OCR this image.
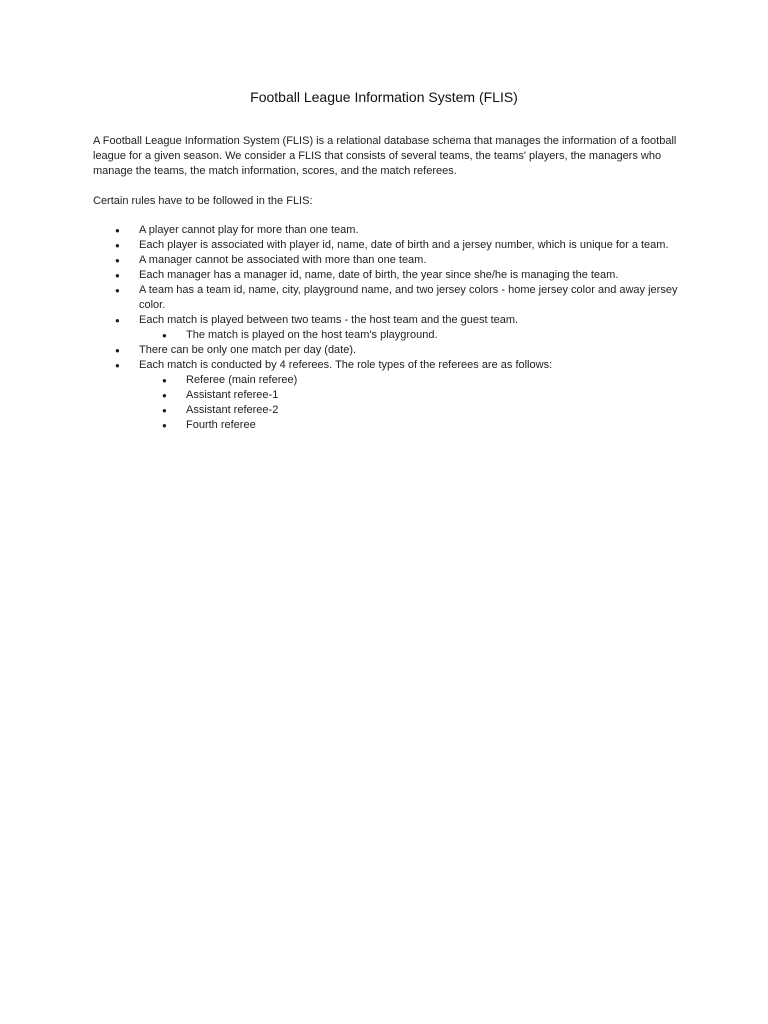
Football League Information System (FLIS)
A Football League Information System (FLIS) is a relational database schema that manages the information of a football league for a given season. We consider a FLIS that consists of several teams, the teams' players, the managers who manage the teams, the match information, scores, and the match referees.
Certain rules have to be followed in the FLIS:
● A player cannot play for more than one team.
● Each player is associated with player id, name, date of birth and a jersey number, which is unique for a team.
● A manager cannot be associated with more than one team.
● Each manager has a manager id, name, date of birth, the year since she/he is managing the team.
● A team has a team id, name, city, playground name, and two jersey colors - home jersey color and away jersey color.
● Each match is played between two teams - the host team and the guest team.
● The match is played on the host team's playground.
● There can be only one match per day (date).
● Each match is conducted by 4 referees. The role types of the referees are as follows:
● Referee (main referee)
● Assistant referee-1
● Assistant referee-2
● Fourth referee
